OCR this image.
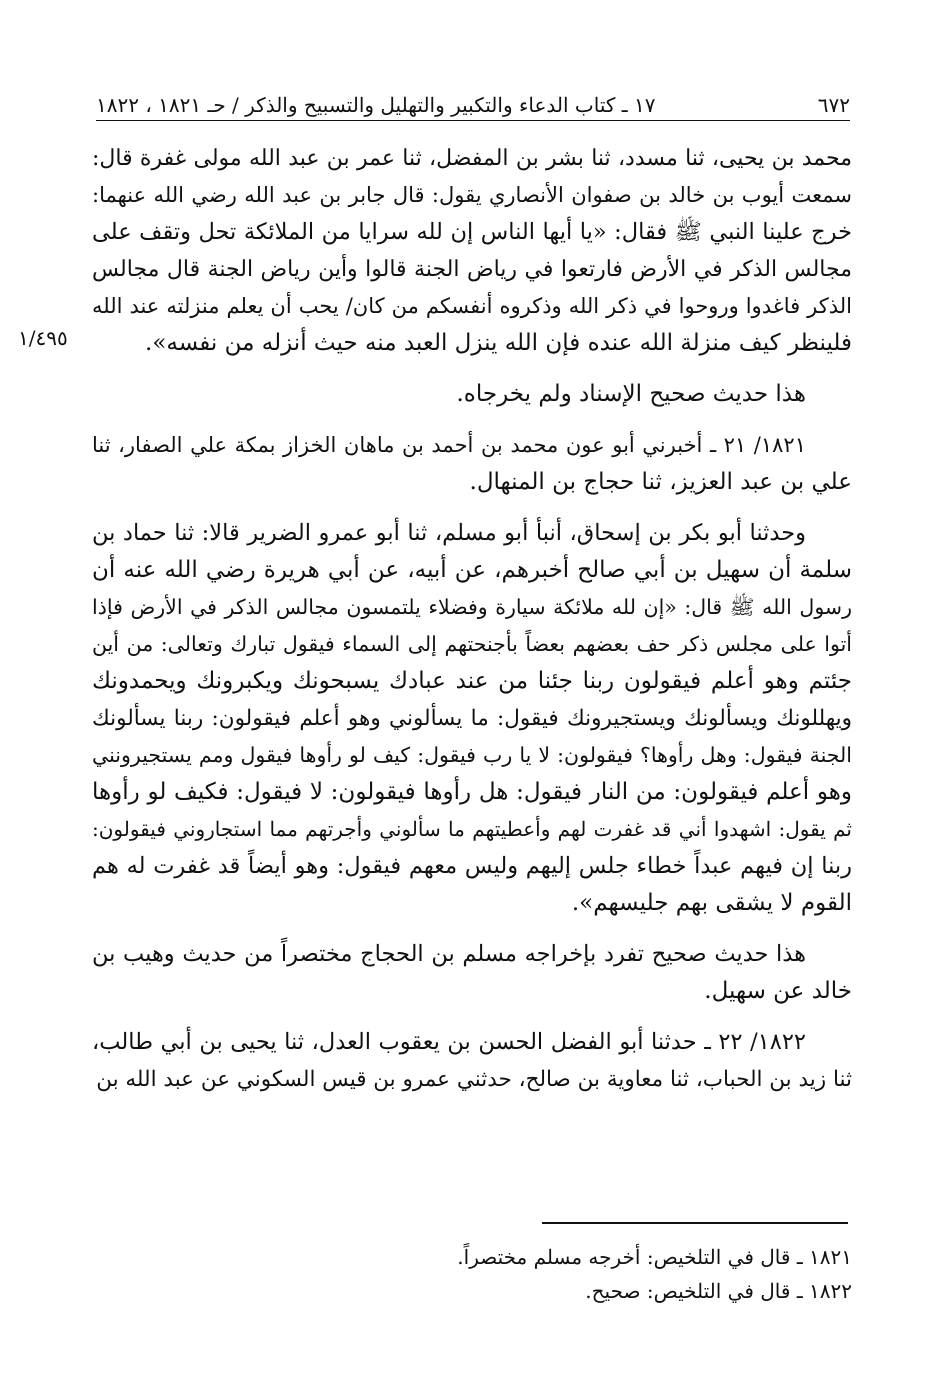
٦٧٢
١٧ ـ كتاب الدعاء والتكبير والتهليل والتسبيح والذكر / حـ ١٨٢١ ، ١٨٢٢
١/٤٩٥

محمد بن يحيى، ثنا مسدد، ثنا بشر بن المفضل، ثنا عمر بن عبد الله مولى غفرة قال:
سمعت أيوب بن خالد بن صفوان الأنصاري يقول: قال جابر بن عبد الله رضي الله عنهما:
خرج علينا النبي ﷺ فقال: «يا أيها الناس إن لله سرايا من الملائكة تحل وتقف على
مجالس الذكر في الأرض فارتعوا في رياض الجنة قالوا وأين رياض الجنة قال مجالس
الذكر فاغدوا وروحوا في ذكر الله وذكروه أنفسكم من كان/ يحب أن يعلم منزلته عند الله
فلينظر كيف منزلة الله عنده فإن الله ينزل العبد منه حيث أنزله من نفسه».

هذا حديث صحيح الإسناد ولم يخرجاه.

١٨٢١/ ٢١ ـ أخبرني أبو عون محمد بن أحمد بن ماهان الخزاز بمكة علي الصفار، ثنا
علي بن عبد العزيز، ثنا حجاج بن المنهال.

وحدثنا أبو بكر بن إسحاق، أنبأ أبو مسلم، ثنا أبو عمرو الضرير قالا: ثنا حماد بن
سلمة أن سهيل بن أبي صالح أخبرهم، عن أبيه، عن أبي هريرة رضي الله عنه أن
رسول الله ﷺ قال: «إن لله ملائكة سيارة وفضلاء يلتمسون مجالس الذكر في الأرض فإذا
أتوا على مجلس ذكر حف بعضهم بعضاً بأجنحتهم إلى السماء فيقول تبارك وتعالى: من أين
جئتم وهو أعلم فيقولون ربنا جئنا من عند عبادك يسبحونك ويكبرونك ويحمدونك
ويهللونك ويسألونك ويستجيرونك فيقول: ما يسألوني وهو أعلم فيقولون: ربنا يسألونك
الجنة فيقول: وهل رأوها؟ فيقولون: لا يا رب فيقول: كيف لو رأوها فيقول ومم يستجيرونني
وهو أعلم فيقولون: من النار فيقول: هل رأوها فيقولون: لا فيقول: فكيف لو رأوها
ثم يقول: اشهدوا أني قد غفرت لهم وأعطيتهم ما سألوني وأجرتهم مما استجاروني فيقولون:
ربنا إن فيهم عبداً خطاء جلس إليهم وليس معهم فيقول: وهو أيضاً قد غفرت له هم
القوم لا يشقى بهم جليسهم».

هذا حديث صحيح تفرد بإخراجه مسلم بن الحجاج مختصراً من حديث وهيب بن
خالد عن سهيل.

١٨٢٢/ ٢٢ ـ حدثنا أبو الفضل الحسن بن يعقوب العدل، ثنا يحيى بن أبي طالب،
ثنا زيد بن الحباب، ثنا معاوية بن صالح، حدثني عمرو بن قيس السكوني عن عبد الله بن

١٨٢١ ـ قال في التلخيص: أخرجه مسلم مختصراً.
١٨٢٢ ـ قال في التلخيص: صحيح.
